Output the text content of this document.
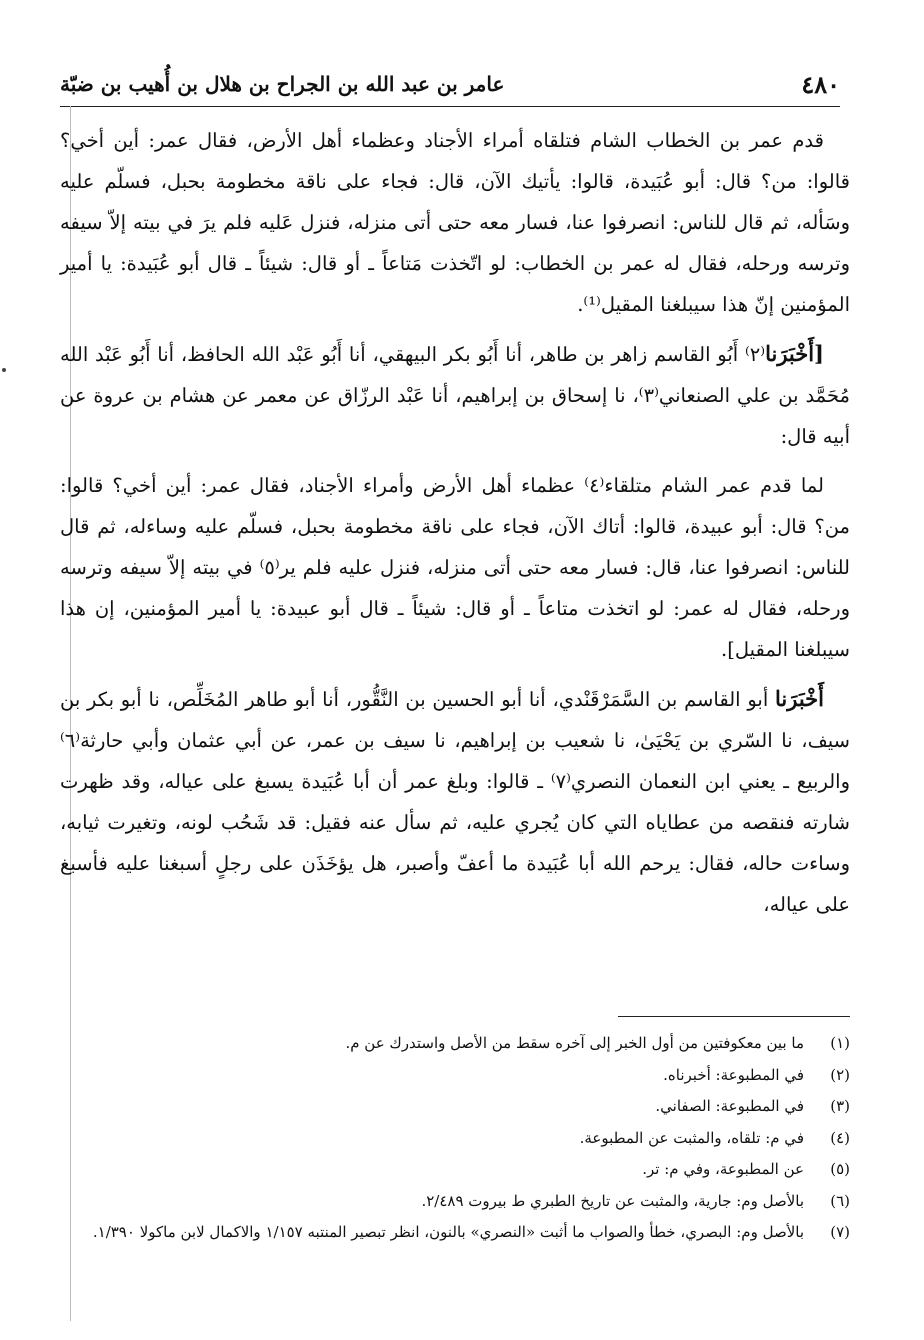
٤٨٠
عامر بن عبد الله بن الجراح بن هلال بن أُهيب بن ضبّة

قدم عمر بن الخطاب الشام فتلقاه أمراء الأجناد وعظماء أهل الأرض، فقال عمر: أين أخي؟ قالوا: من؟ قال: أبو عُبَيدة، قالوا: يأتيك الآن، قال: فجاء على ناقة مخطومة بحبل، فسلّم عليه وسَأله، ثم قال للناس: انصرفوا عنا، فسار معه حتى أتى منزله، فنزل عَليه فلم يرَ في بيته إلاّ سيفه وترسه ورحله، فقال له عمر بن الخطاب: لو اتّخذت مَتاعاً ـ أو قال: شيئاً ـ قال أبو عُبَيدة: يا أمير المؤمنين إنّ هذا سيبلغنا المقيل⁽¹⁾.

[أَخْبَرَنا⁽٢⁾ أَبُو القاسم زاهر بن طاهر، أنا أَبُو بكر البيهقي، أنا أَبُو عَبْد الله الحافظ، أنا أَبُو عَبْد الله مُحَمَّد بن علي الصنعاني⁽٣⁾، نا إسحاق بن إبراهيم، أنا عَبْد الرزّاق عن معمر عن هشام بن عروة عن أبيه قال:

لما قدم عمر الشام متلقاء⁽٤⁾ عظماء أهل الأرض وأمراء الأجناد، فقال عمر: أين أخي؟ قالوا: من؟ قال: أبو عبيدة، قالوا: أتاك الآن، فجاء على ناقة مخطومة بحبل، فسلّم عليه وساءله، ثم قال للناس: انصرفوا عنا، قال: فسار معه حتى أتى منزله، فنزل عليه فلم ير⁽٥⁾ في بيته إلاّ سيفه وترسه ورحله، فقال له عمر: لو اتخذت متاعاً ـ أو قال: شيئاً ـ قال أبو عبيدة: يا أمير المؤمنين، إن هذا سيبلغنا المقيل].

أَخْبَرَنا أبو القاسم بن السَّمَرْقَنْدي، أنا أبو الحسين بن النَّقُّور، أنا أبو طاهر المُخَلِّص، نا أبو بكر بن سيف، نا السّري بن يَحْيَىٰ، نا شعيب بن إبراهيم، نا سيف بن عمر، عن أبي عثمان وأبي حارثة⁽٦⁾ والربيع ـ يعني ابن النعمان النصري⁽٧⁾ ـ قالوا: وبلغ عمر أن أبا عُبَيدة يسبغ على عياله، وقد ظهرت شارته فنقصه من عطاياه التي كان يُجري عليه، ثم سأل عنه فقيل: قد شَحُب لونه، وتغيرت ثيابه، وساءت حاله، فقال: يرحم الله أبا عُبَيدة ما أعفّ وأصبر، هل يؤخَذَن على رجلٍ أسبغنا عليه فأسبغ على عياله،

(١)
ما بين معكوفتين من أول الخبر إلى آخره سقط من الأصل واستدرك عن م.
(٢)
في المطبوعة: أخبرناه.
(٣)
في المطبوعة: الصفاني.
(٤)
في م: تلقاه، والمثبت عن المطبوعة.
(٥)
عن المطبوعة، وفي م: تر.
(٦)
بالأصل وم: جارية، والمثبت عن تاريخ الطبري ط بيروت ٢/٤٨٩.
(٧)
بالأصل وم: البصري، خطأ والصواب ما أثبت «النصري» بالنون، انظر تبصير المنتبه ١/١٥٧ والاكمال لابن ماكولا ١/٣٩٠.
